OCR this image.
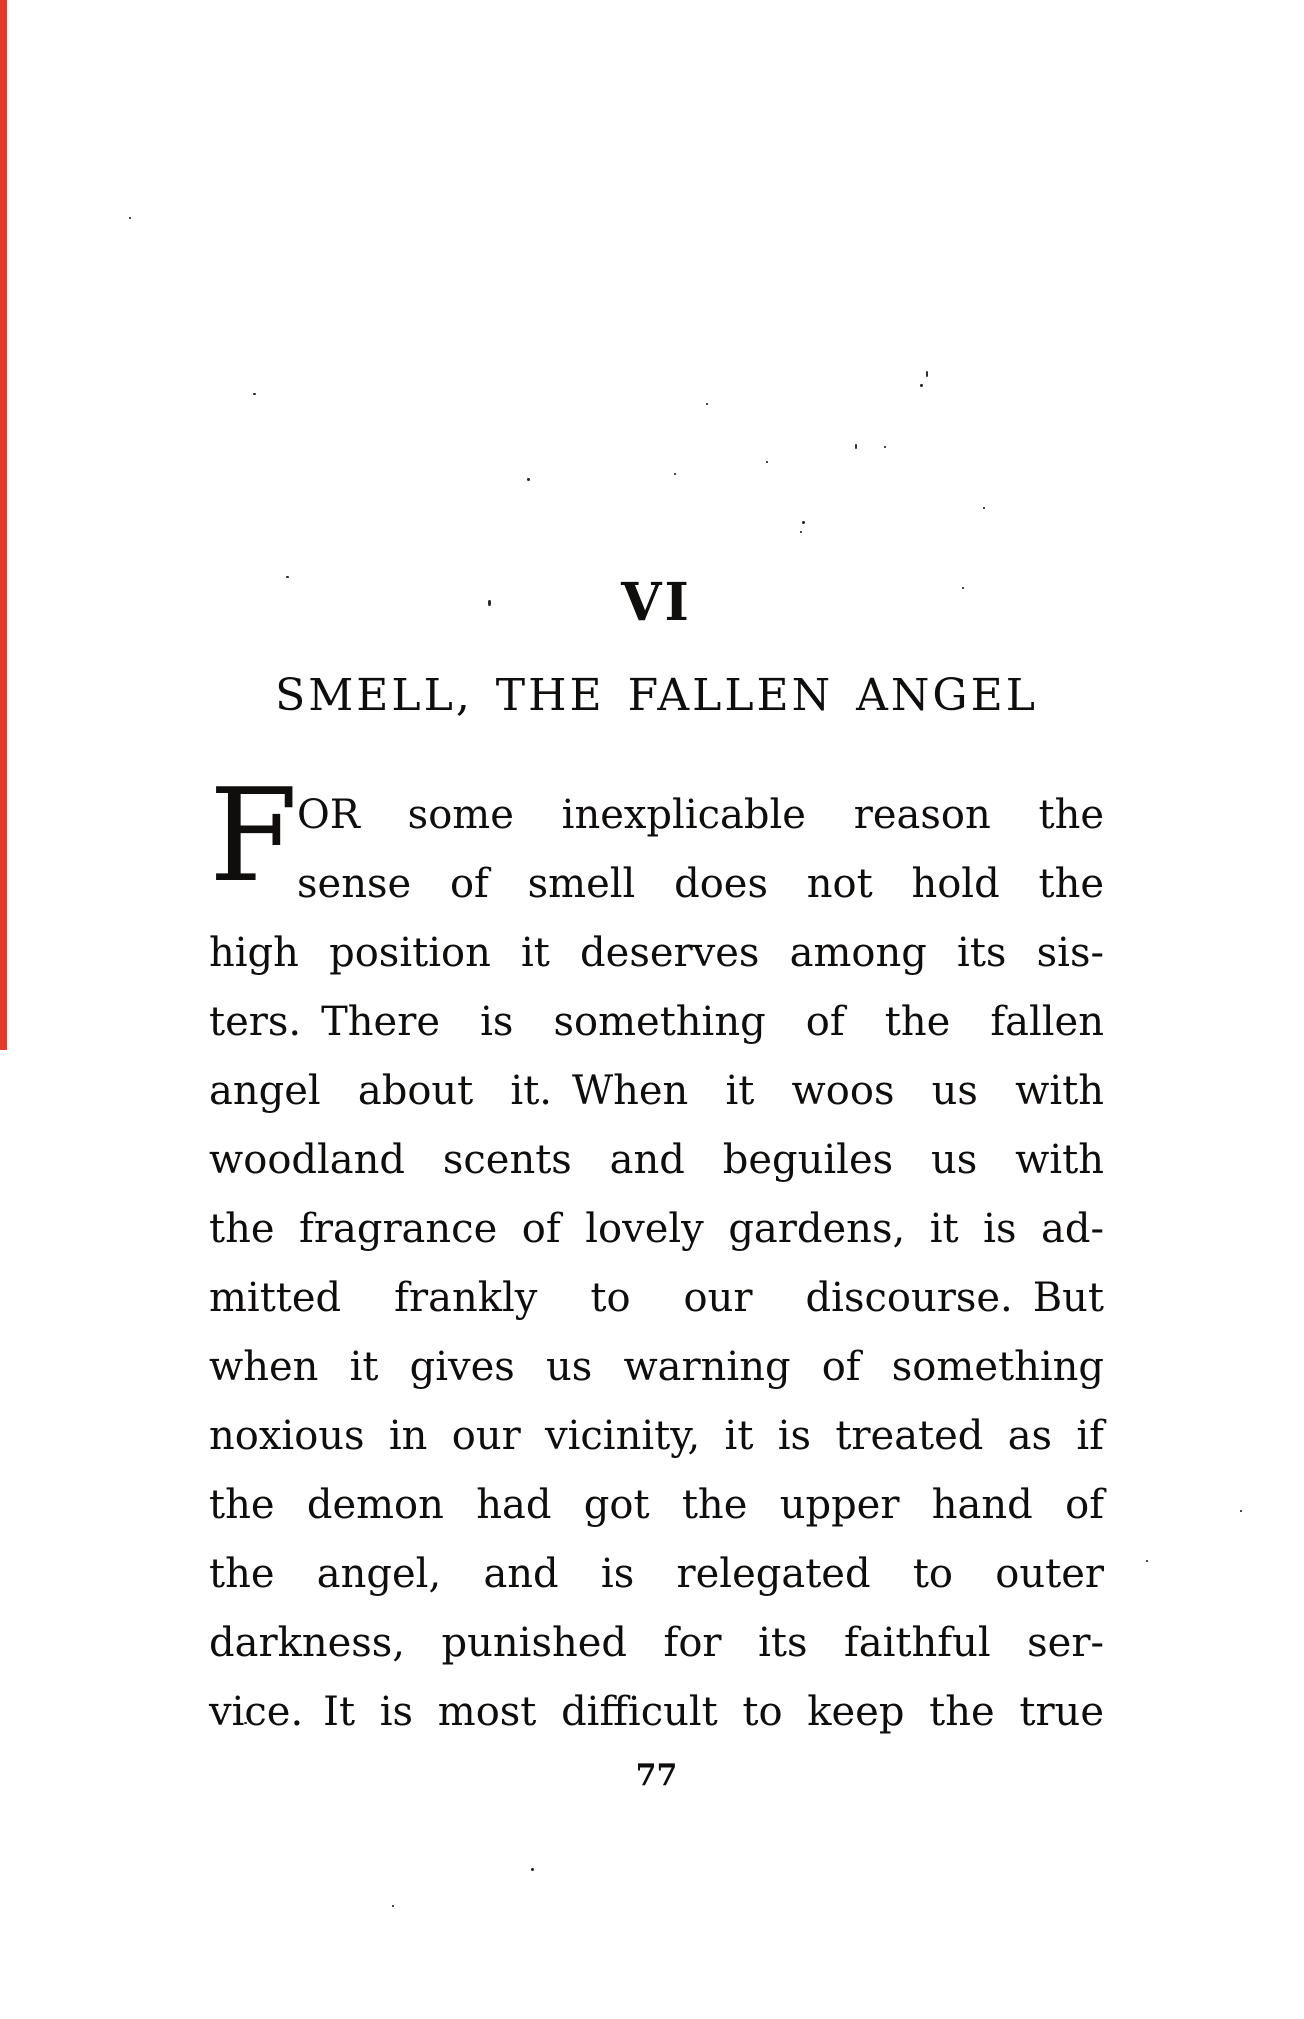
VI
SMELL, THE FALLEN ANGEL
F OR some inexplicable reason the
sense of smell does not hold the
high position it deserves among its sis-
ters. There is something of the fallen
angel about it. When it woos us with
woodland scents and beguiles us with
the fragrance of lovely gardens, it is ad-
mitted frankly to our discourse. But
when it gives us warning of something
noxious in our vicinity, it is treated as if
the demon had got the upper hand of
the angel, and is relegated to outer
darkness, punished for its faithful ser-
vice. It is most difficult to keep the true
77
